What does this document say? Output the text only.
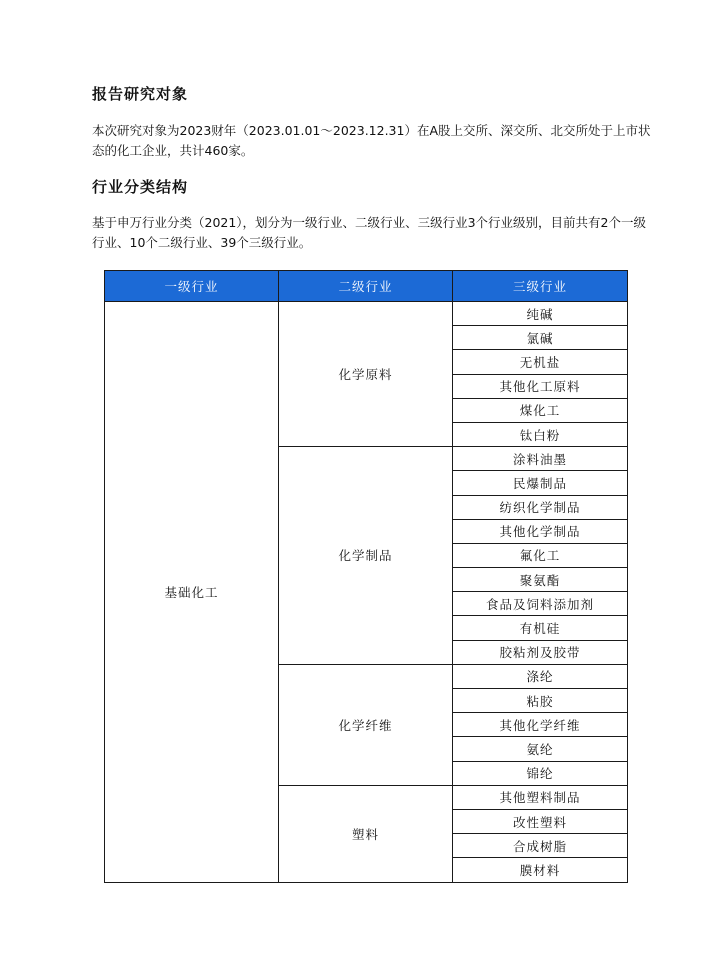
报告研究对象

本次研究对象为2023财年（2023.01.01～2023.12.31）在A股上交所、深交所、北交所处于上市状态的化工企业，共计460家。

行业分类结构

基于申万行业分类（2021），划分为一级行业、二级行业、三级行业3个行业级别，目前共有2个一级行业、10个二级行业、39个三级行业。

一级行业	二级行业	三级行业
基础化工	化学原料	纯碱
		氯碱
		无机盐
		其他化工原料
		煤化工
		钛白粉
	化学制品	涂料油墨
		民爆制品
		纺织化学制品
		其他化学制品
		氟化工
		聚氨酯
		食品及饲料添加剂
		有机硅
		胶粘剂及胶带
	化学纤维	涤纶
		粘胶
		其他化学纤维
		氨纶
		锦纶
	塑料	其他塑料制品
		改性塑料
		合成树脂
		膜材料
